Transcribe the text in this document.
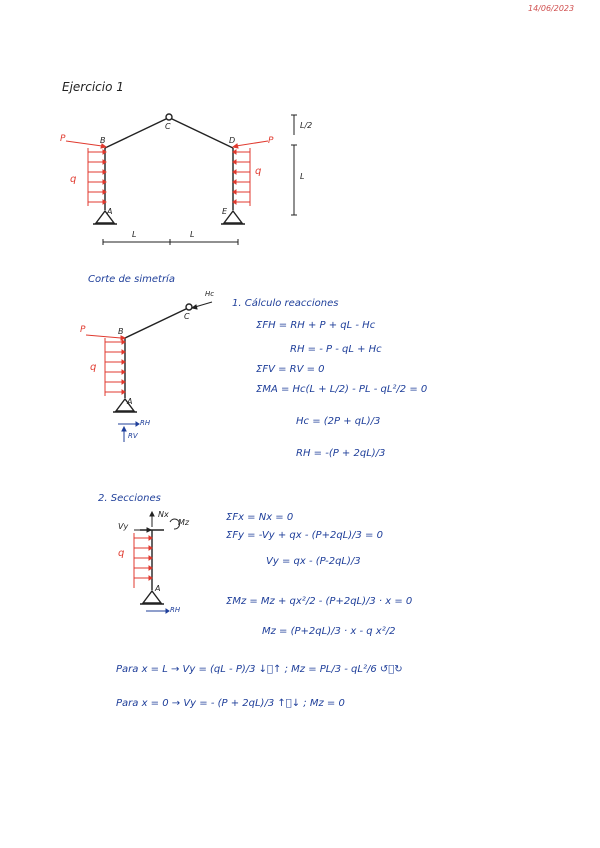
14/06/2023
Ejercicio 1
B
C
D
A	E
P
q
P
q
L/2
L
L	L
Corte de simetría
B
C
A
Hc
P
q
RH
RV
1. Cálculo reacciones
ΣFH = RH + P + qL - Hc
RH = - P - qL + Hc
ΣFV = RV = 0
ΣMA = Hc(L + L/2) - PL - qL²/2 = 0
Hc = (2P + qL)/3
RH = -(P + 2qL)/3
2. Secciones
Nx
Mz
Vy
q
A
RH
ΣFx = Nx = 0
ΣFy = -Vy + qx - (P+2qL)/3 = 0
Vy = qx - (P-2qL)/3
ΣMz = Mz + qx²/2 - (P+2qL)/3 · x = 0
Mz = (P+2qL)/3 · x - q x²/2
Para x = L → Vy = (qL - P)/3 ↓⃞↑ ; Mz = PL/3 - qL²/6 ↺⃞↻
Para x = 0 → Vy = - (P + 2qL)/3 ↑⃞↓ ; Mz = 0
